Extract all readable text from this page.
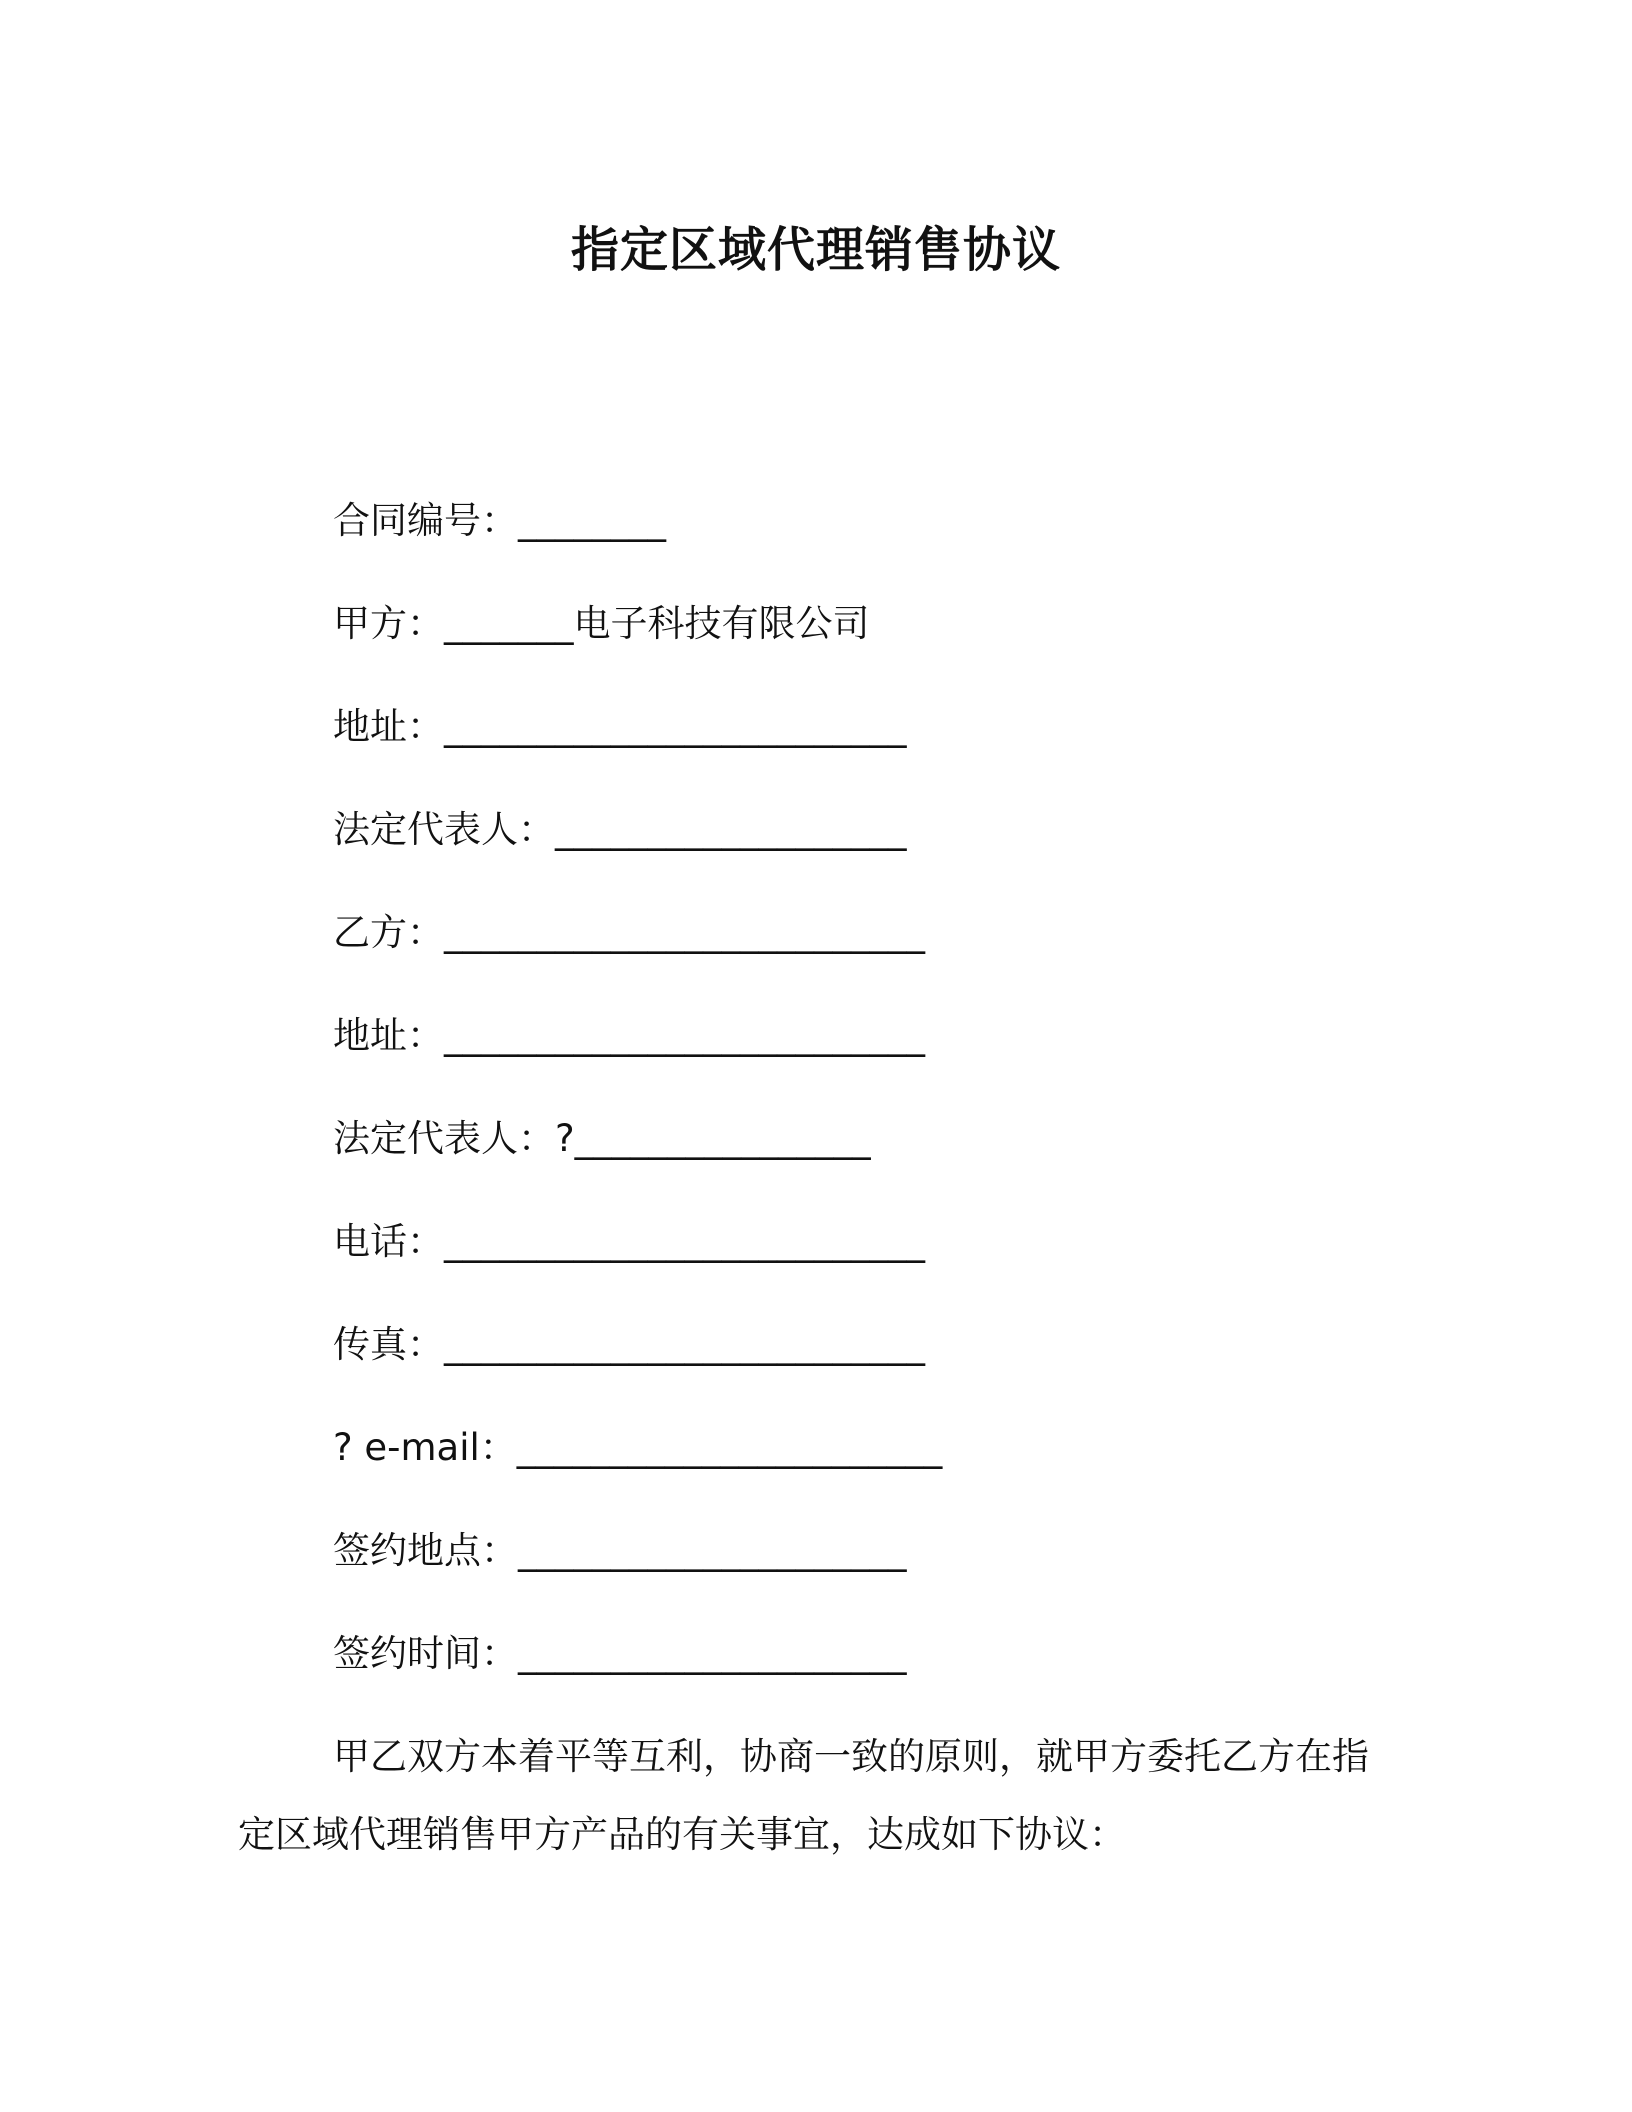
指定区域代理销售协议
合同编号：________
甲方：_______电子科技有限公司
地址：_________________________
法定代表人：___________________
乙方：__________________________
地址：__________________________
法定代表人：?________________
电话：__________________________
传真：__________________________
? e-mail：_______________________
签约地点：_____________________
签约时间：_____________________
甲乙双方本着平等互利，协商一致的原则，就甲方委托乙方在指
定区域代理销售甲方产品的有关事宜，达成如下协议：
